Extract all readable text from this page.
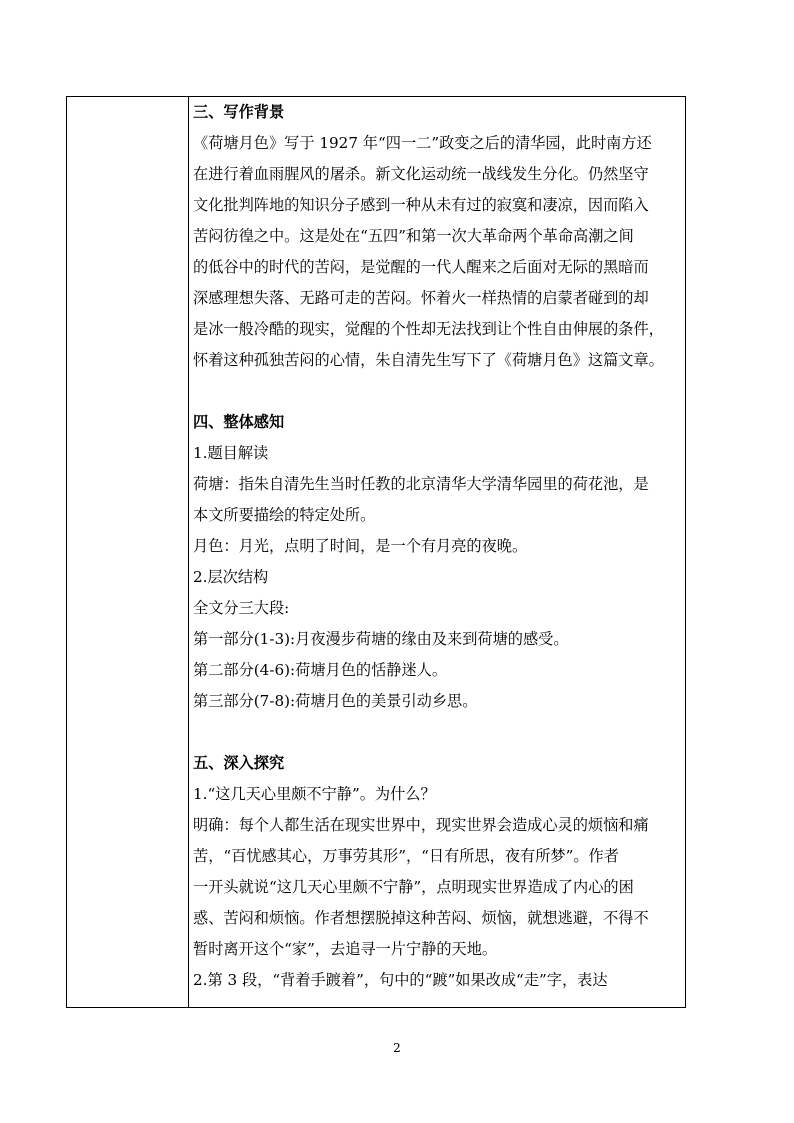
三、写作背景
《荷塘月色》写于 1927 年“四一二”政变之后的清华园，此时南方还
在进行着血雨腥风的屠杀。新文化运动统一战线发生分化。仍然坚守
文化批判阵地的知识分子感到一种从未有过的寂寞和凄凉，因而陷入
苦闷彷徨之中。这是处在“五四”和第一次大革命两个革命高潮之间
的低谷中的时代的苦闷，是觉醒的一代人醒来之后面对无际的黑暗而
深感理想失落、无路可走的苦闷。怀着火一样热情的启蒙者碰到的却
是冰一般冷酷的现实，觉醒的个性却无法找到让个性自由伸展的条件，
怀着这种孤独苦闷的心情，朱自清先生写下了《荷塘月色》这篇文章。
四、整体感知
1.题目解读
荷塘：指朱自清先生当时任教的北京清华大学清华园里的荷花池，是
本文所要描绘的特定处所。
月色：月光，点明了时间，是一个有月亮的夜晚。
2.层次结构
全文分三大段:
第一部分(1-3):月夜漫步荷塘的缘由及来到荷塘的感受。
第二部分(4-6):荷塘月色的恬静迷人。
第三部分(7-8):荷塘月色的美景引动乡思。
五、深入探究
1.“这几天心里颇不宁静”。为什么？
明确：每个人都生活在现实世界中，现实世界会造成心灵的烦恼和痛
苦，“百忧感其心，万事劳其形”，“日有所思，夜有所梦”。作者
一开头就说“这几天心里颇不宁静”，点明现实世界造成了内心的困
惑、苦闷和烦恼。作者想摆脱掉这种苦闷、烦恼，就想逃避，不得不
暂时离开这个“家”，去追寻一片宁静的天地。
2.第 3 段，“背着手踱着”，句中的“踱”如果改成“走”字，表达
2
